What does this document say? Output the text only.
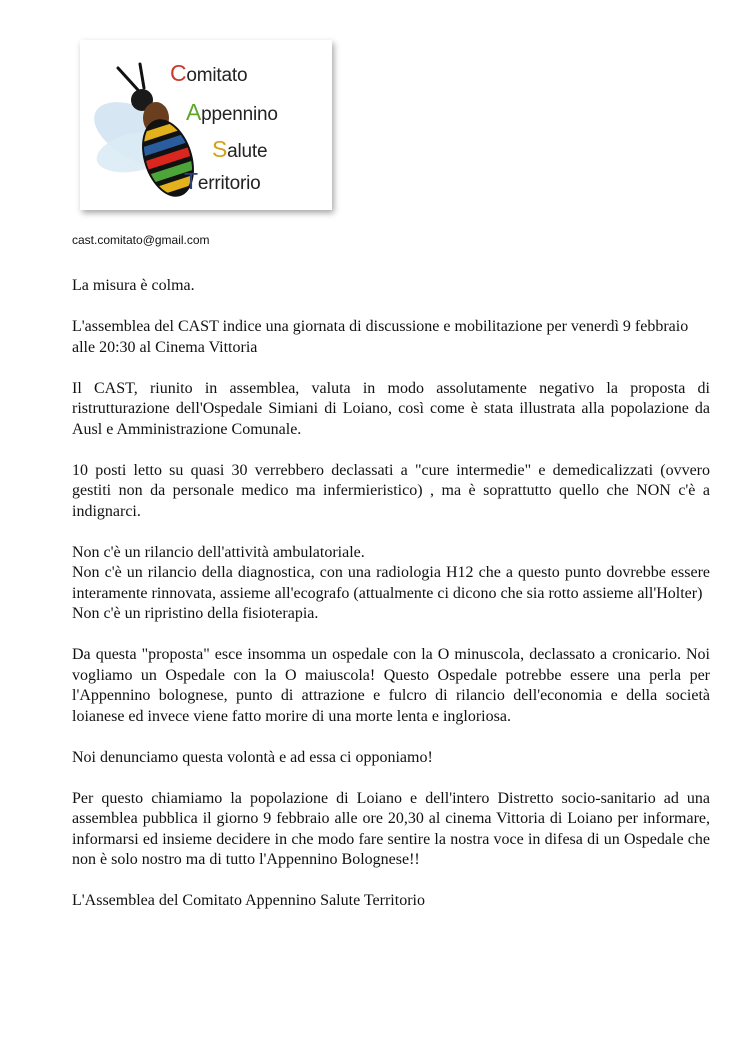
Comitato
Appennino
Salute
Territorio
cast.comitato@gmail.com

La misura è colma.

L'assemblea del CAST indice una giornata di discussione e mobilitazione per venerdì 9 febbraio alle 20:30 al Cinema Vittoria

Il CAST, riunito in assemblea, valuta in modo assolutamente negativo la proposta di ristrutturazione dell'Ospedale Simiani di Loiano, così come è stata illustrata alla popolazione da Ausl e Amministrazione Comunale.

10 posti letto su quasi 30 verrebbero declassati a "cure intermedie" e demedicalizzati (ovvero gestiti non da personale medico ma infermieristico) , ma è soprattutto quello che NON c'è a indignarci.

Non c'è un rilancio dell'attività ambulatoriale.
Non c'è un rilancio della diagnostica, con una radiologia H12 che a questo punto dovrebbe essere interamente rinnovata, assieme all'ecografo (attualmente ci dicono che sia rotto assieme all'Holter)
Non c'è un ripristino della fisioterapia.

Da questa "proposta" esce insomma un ospedale con la O minuscola, declassato a cronicario. Noi vogliamo un Ospedale con la O maiuscola! Questo Ospedale potrebbe essere una perla per l'Appennino bolognese, punto di attrazione e fulcro di rilancio dell'economia e della società loianese ed invece viene fatto morire di una morte lenta e ingloriosa.

Noi denunciamo questa volontà e ad essa ci opponiamo!

Per questo chiamiamo la popolazione di Loiano e dell'intero Distretto socio-sanitario ad una assemblea pubblica il giorno 9 febbraio alle ore 20,30 al cinema Vittoria di Loiano per informare, informarsi ed insieme decidere in che modo fare sentire la nostra voce in difesa di un Ospedale che non è solo nostro ma di tutto l'Appennino Bolognese!!

L'Assemblea del Comitato Appennino Salute Territorio
